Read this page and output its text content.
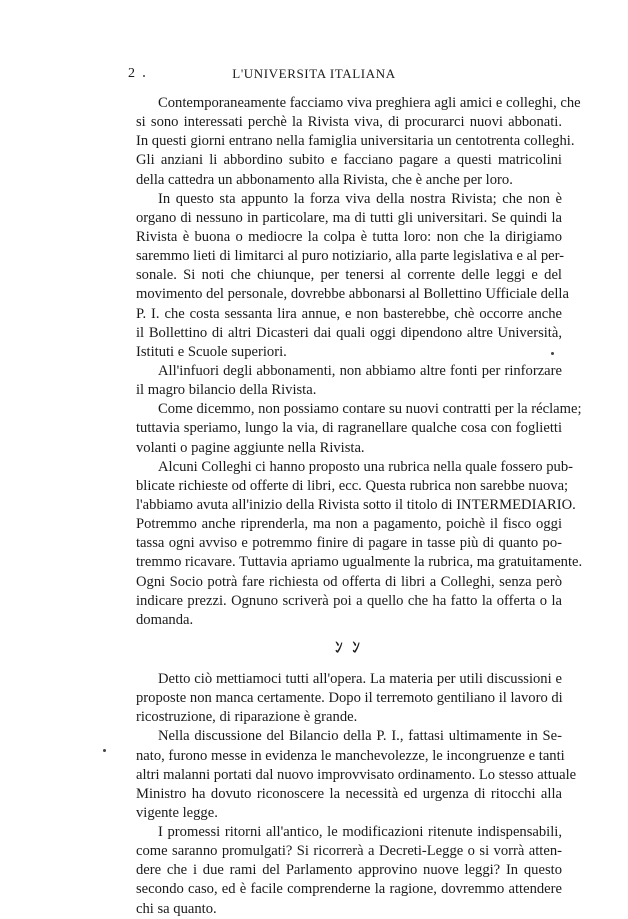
2	L'UNIVERSITA ITALIANA
Contemporaneamente facciamo viva preghiera agli amici e colleghi, che
si sono interessati perchè la Rivista viva, di procurarci nuovi abbonati.
In questi giorni entrano nella famiglia universitaria un centotrenta colleghi.
Gli anziani li abbordino subito e facciano pagare a questi matricolini
della cattedra un abbonamento alla Rivista, che è anche per loro.
In questo sta appunto la forza viva della nostra Rivista; che non è
organo di nessuno in particolare, ma di tutti gli universitari. Se quindi la
Rivista è buona o mediocre la colpa è tutta loro: non che la dirigiamo
saremmo lieti di limitarci al puro notiziario, alla parte legislativa e al per-
sonale. Si noti che chiunque, per tenersi al corrente delle leggi e del
movimento del personale, dovrebbe abbonarsi al Bollettino Ufficiale della
P. I. che costa sessanta lira annue, e non basterebbe, chè occorre anche
il Bollettino di altri Dicasteri dai quali oggi dipendono altre Università,
Istituti e Scuole superiori.
All'infuori degli abbonamenti, non abbiamo altre fonti per rinforzare
il magro bilancio della Rivista.
Come dicemmo, non possiamo contare su nuovi contratti per la réclame;
tuttavia speriamo, lungo la via, di ragranellare qualche cosa con foglietti
volanti o pagine aggiunte nella Rivista.
Alcuni Colleghi ci hanno proposto una rubrica nella quale fossero pub-
blicate richieste od offerte di libri, ecc. Questa rubrica non sarebbe nuova;
l'abbiamo avuta all'inizio della Rivista sotto il titolo di INTERMEDIARIO.
Potremmo anche riprenderla, ma non a pagamento, poichè il fisco oggi
tassa ogni avviso e potremmo finire di pagare in tasse più di quanto po-
tremmo ricavare. Tuttavia apriamo ugualmente la rubrica, ma gratuitamente.
Ogni Socio potrà fare richiesta od offerta di libri a Colleghi, senza però
indicare prezzi. Ognuno scriverà poi a quello che ha fatto la offerta o la
domanda.
ﾝ ﾝ
Detto ciò mettiamoci tutti all'opera. La materia per utili discussioni e
proposte non manca certamente. Dopo il terremoto gentiliano il lavoro di
ricostruzione, di riparazione è grande.
Nella discussione del Bilancio della P. I., fattasi ultimamente in Se-
nato, furono messe in evidenza le manchevolezze, le incongruenze e tanti
altri malanni portati dal nuovo improvvisato ordinamento. Lo stesso attuale
Ministro ha dovuto riconoscere la necessità ed urgenza di ritocchi alla
vigente legge.
I promessi ritorni all'antico, le modificazioni ritenute indispensabili,
come saranno promulgati? Si ricorrerà a Decreti-Legge o si vorrà atten-
dere che i due rami del Parlamento approvino nuove leggi? In questo
secondo caso, ed è facile comprenderne la ragione, dovremmo attendere
chi sa quanto.
